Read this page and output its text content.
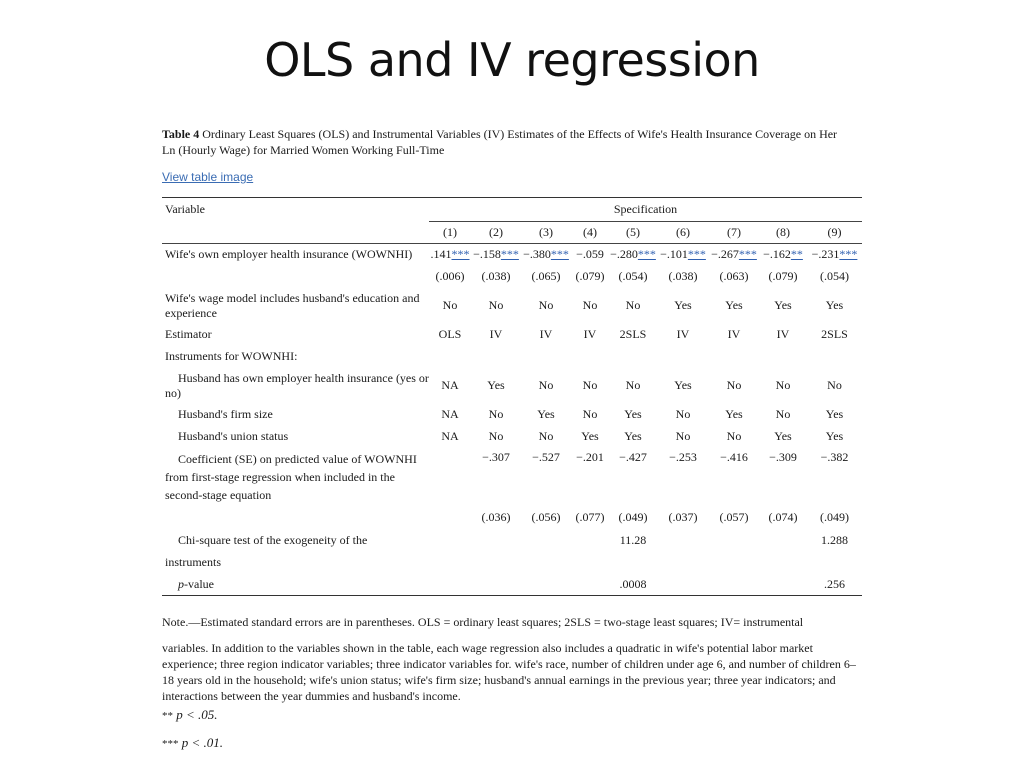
OLS and IV regression
Table 4 Ordinary Least Squares (OLS) and Instrumental Variables (IV) Estimates of the Effects of Wife's Health Insurance Coverage on Her Ln (Hourly Wage) for Married Women Working Full-Time
View table image
Variable	Specification								
	(1)	(2)	(3)	(4)	(5)	(6)	(7)	(8)	(9)
Wife's own employer health insurance (WOWNHI)	.141***	−.158***	−.380***	−.059	−.280***	−.101***	−.267***	−.162**	−.231***
	(.006)	(.038)	(.065)	(.079)	(.054)	(.038)	(.063)	(.079)	(.054)
Wife's wage model includes husband's education and experience	No	No	No	No	No	Yes	Yes	Yes	Yes
Estimator	OLS	IV	IV	IV	2SLS	IV	IV	IV	2SLS
Instruments for WOWNHI:									
Husband has own employer health insurance (yes or no)	NA	Yes	No	No	No	Yes	No	No	No
Husband's firm size	NA	No	Yes	No	Yes	No	Yes	No	Yes
Husband's union status	NA	No	No	Yes	Yes	No	No	Yes	Yes
Coefficient (SE) on predicted value of WOWNHI from first-stage regression when included in the second-stage equation		−.307	−.527	−.201	−.427	−.253	−.416	−.309	−.382
		(.036)	(.056)	(.077)	(.049)	(.037)	(.057)	(.074)	(.049)
Chi-square test of the exogeneity of the					11.28				1.288
instruments									
p-value					.0008				.256

Note.—Estimated standard errors are in parentheses. OLS = ordinary least squares; 2SLS = two-stage least squares; IV= instrumental

variables. In addition to the variables shown in the table, each wage regression also includes a quadratic in wife's potential labor market experience; three region indicator variables; three indicator variables for. wife's race, number of children under age 6, and number of children 6–18 years old in the household; wife's union status; wife's firm size; husband's annual earnings in the previous year; three year indicators; and interactions between the year dummies and husband's income.

** p < .05.
*** p < .01.
